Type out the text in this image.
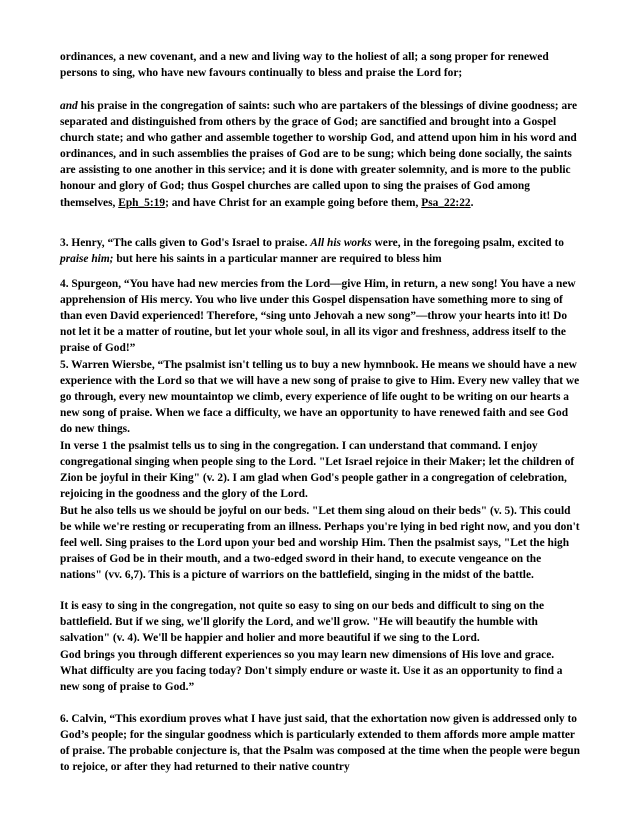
ordinances, a new covenant, and a new and living way to the holiest of all; a song proper for renewed persons to sing, who have new favours continually to bless and praise the Lord for;

and his praise in the congregation of saints: such who are partakers of the blessings of divine goodness; are separated and distinguished from others by the grace of God; are sanctified and brought into a Gospel church state; and who gather and assemble together to worship God, and attend upon him in his word and ordinances, and in such assemblies the praises of God are to be sung; which being done socially, the saints are assisting to one another in this service; and it is done with greater solemnity, and is more to the public honour and glory of God; thus Gospel churches are called upon to sing the praises of God among themselves, Eph_5:19; and have Christ for an example going before them, Psa_22:22.

3. Henry, “The calls given to God's Israel to praise. All his works were, in the foregoing psalm, excited to praise him; but here his saints in a particular manner are required to bless him

4. Spurgeon, “You have had new mercies from the Lord—give Him, in return, a new song! You have a new apprehension of His mercy. You who live under this Gospel dispensation have something more to sing of than even David experienced! Therefore, “sing unto Jehovah a new song”—throw your hearts into it! Do not let it be a matter of routine, but let your whole soul, in all its vigor and freshness, address itself to the praise of God!”

5. Warren Wiersbe, “The psalmist isn't telling us to buy a new hymnbook. He means we should have a new experience with the Lord so that we will have a new song of praise to give to Him. Every new valley that we go through, every new mountaintop we climb, every experience of life ought to be writing on our hearts a new song of praise. When we face a difficulty, we have an opportunity to have renewed faith and see God do new things.

In verse 1 the psalmist tells us to sing in the congregation. I can understand that command. I enjoy congregational singing when people sing to the Lord. "Let Israel rejoice in their Maker; let the children of Zion be joyful in their King" (v. 2). I am glad when God's people gather in a congregation of celebration, rejoicing in the goodness and the glory of the Lord.

But he also tells us we should be joyful on our beds. "Let them sing aloud on their beds" (v. 5). This could be while we're resting or recuperating from an illness. Perhaps you're lying in bed right now, and you don't feel well. Sing praises to the Lord upon your bed and worship Him. Then the psalmist says, "Let the high praises of God be in their mouth, and a two-edged sword in their hand, to execute vengeance on the nations" (vv. 6,7). This is a picture of warriors on the battlefield, singing in the midst of the battle.

It is easy to sing in the congregation, not quite so easy to sing on our beds and difficult to sing on the battlefield. But if we sing, we'll glorify the Lord, and we'll grow. "He will beautify the humble with salvation" (v. 4). We'll be happier and holier and more beautiful if we sing to the Lord.

God brings you through different experiences so you may learn new dimensions of His love and grace. What difficulty are you facing today? Don't simply endure or waste it. Use it as an opportunity to find a new song of praise to God.”

6. Calvin, “This exordium proves what I have just said, that the exhortation now given is addressed only to God’s people; for the singular goodness which is particularly extended to them affords more ample matter of praise. The probable conjecture is, that the Psalm was composed at the time when the people were begun to rejoice, or after they had returned to their native country
